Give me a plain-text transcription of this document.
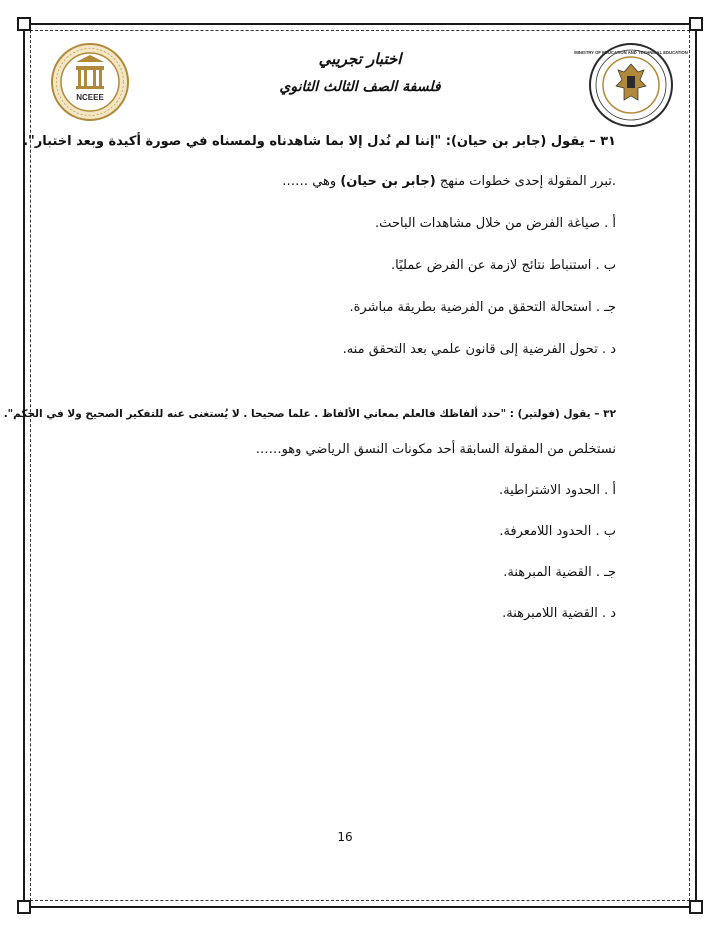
NCEEE
MINISTRY OF EDUCATION AND TECHNICAL EDUCATION
اختبار تجريبي
فلسفة الصف الثالث الثانوي
٣١ – يقول (جابر بن حيان): "إننا لم نُدل إلا بما شاهدناه ولمسناه في صورة أكيدة وبعد اختبار".
.تبرر المقولة إحدى خطوات منهج (جابر بن حيان) وهي ……
أ . صياغة الفرض من خلال مشاهدات الباحث.
ب . استنباط نتائج لازمة عن الفرض عمليًا.
جـ . استحالة التحقق من الفرضية بطريقة مباشرة.
د . تحول الفرضية إلى قانون علمي بعد التحقق منه.
٣٢ – يقول (فولتير) : "حدد ألفاظك فالعلم بمعاني الألفاظ . علما صحيحا . لا يُستغنى عنه للتفكير الصحيح ولا في الحكم".
نستخلص من المقولة السابقة أحد مكونات النسق الرياضي وهو……
أ . الحدود الاشتراطية.
ب . الحدود اللامعرفة.
جـ . القضية المبرهنة.
د . القضية اللامبرهنة.
16
